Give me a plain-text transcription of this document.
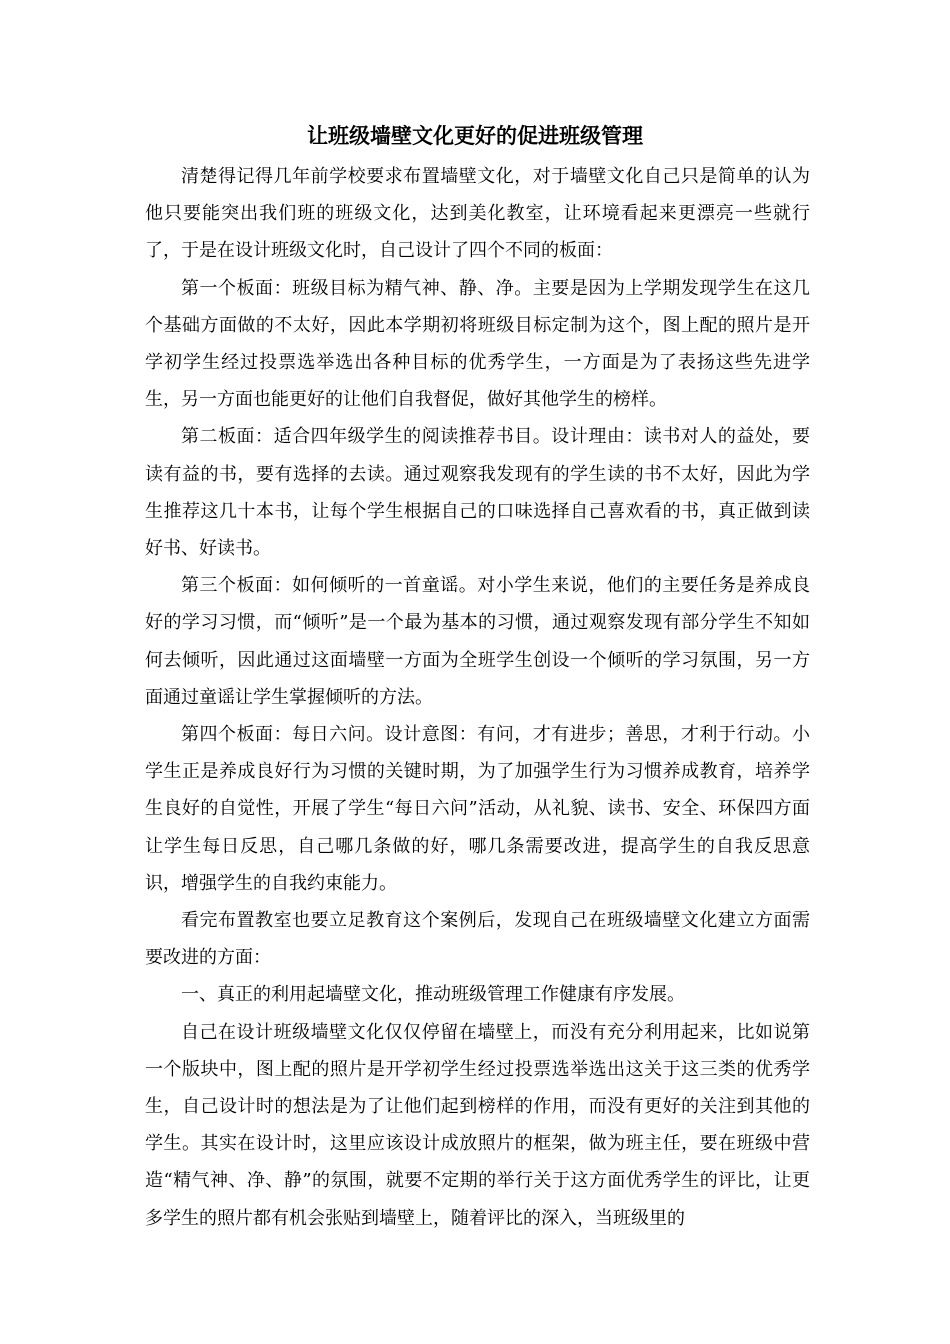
让班级墙壁文化更好的促进班级管理

清楚得记得几年前学校要求布置墙壁文化，对于墙壁文化自己只是简单的认为他只要能突出我们班的班级文化，达到美化教室，让环境看起来更漂亮一些就行了，于是在设计班级文化时，自己设计了四个不同的板面：

第一个板面：班级目标为精气神、静、净。主要是因为上学期发现学生在这几个基础方面做的不太好，因此本学期初将班级目标定制为这个，图上配的照片是开学初学生经过投票选举选出各种目标的优秀学生，一方面是为了表扬这些先进学生，另一方面也能更好的让他们自我督促，做好其他学生的榜样。

第二板面：适合四年级学生的阅读推荐书目。设计理由：读书对人的益处，要读有益的书，要有选择的去读。通过观察我发现有的学生读的书不太好，因此为学生推荐这几十本书，让每个学生根据自己的口味选择自己喜欢看的书，真正做到读好书、好读书。

第三个板面：如何倾听的一首童谣。对小学生来说，他们的主要任务是养成良好的学习习惯，而“倾听”是一个最为基本的习惯，通过观察发现有部分学生不知如何去倾听，因此通过这面墙壁一方面为全班学生创设一个倾听的学习氛围，另一方面通过童谣让学生掌握倾听的方法。

第四个板面：每日六问。设计意图：有问，才有进步；善思，才利于行动。小学生正是养成良好行为习惯的关键时期，为了加强学生行为习惯养成教育，培养学生良好的自觉性，开展了学生“每日六问”活动，从礼貌、读书、安全、环保四方面让学生每日反思，自己哪几条做的好，哪几条需要改进，提高学生的自我反思意识，增强学生的自我约束能力。

看完布置教室也要立足教育这个案例后，发现自己在班级墙壁文化建立方面需要改进的方面：

一、真正的利用起墙壁文化，推动班级管理工作健康有序发展。

自己在设计班级墙壁文化仅仅停留在墙壁上，而没有充分利用起来，比如说第一个版块中，图上配的照片是开学初学生经过投票选举选出这关于这三类的优秀学生，自己设计时的想法是为了让他们起到榜样的作用，而没有更好的关注到其他的学生。其实在设计时，这里应该设计成放照片的框架，做为班主任，要在班级中营造“精气神、净、静”的氛围，就要不定期的举行关于这方面优秀学生的评比，让更多学生的照片都有机会张贴到墙壁上，随着评比的深入，当班级里的
